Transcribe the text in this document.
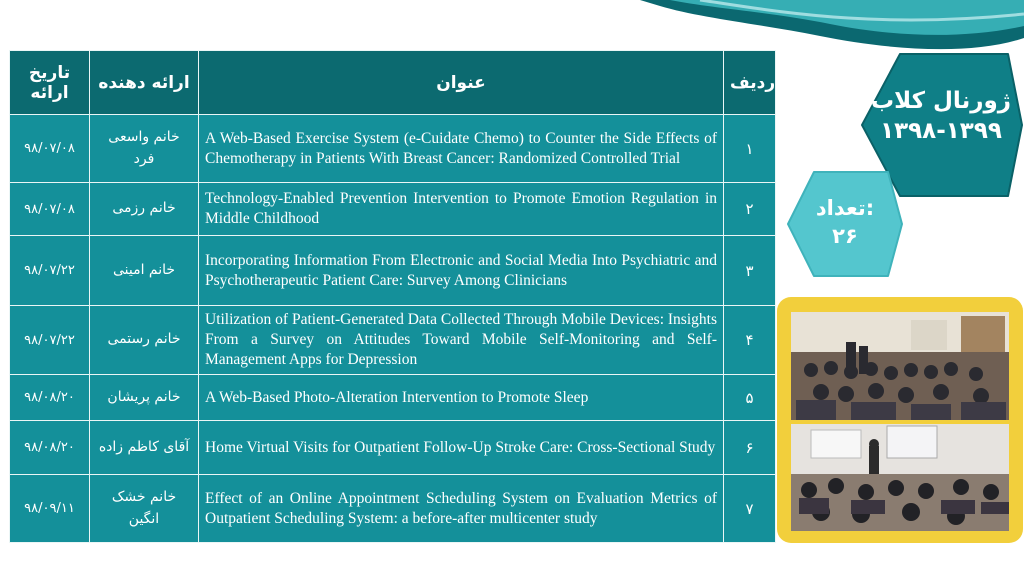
تاریخ ارائه	ارائه دهنده	عنوان	ردیف
۹۸/۰۷/۰۸	خانم واسعی فرد	A Web-Based Exercise System (e-Cuidate Chemo) to Counter the Side Effects of Chemotherapy in Patients With Breast Cancer: Randomized Controlled Trial	۱
۹۸/۰۷/۰۸	خانم رزمی	Technology-Enabled Prevention Intervention to Promote Emotion Regulation in Middle Childhood	۲
۹۸/۰۷/۲۲	خانم امینی	Incorporating Information From Electronic and Social Media Into Psychiatric and Psychotherapeutic Patient Care: Survey Among Clinicians	۳
۹۸/۰۷/۲۲	خانم رستمی	Utilization of Patient-Generated Data Collected Through Mobile Devices: Insights From a Survey on Attitudes Toward Mobile Self-Monitoring and Self-Management Apps for Depression	۴
۹۸/۰۸/۲۰	خانم پریشان	A Web-Based Photo-Alteration Intervention to Promote Sleep	۵
۹۸/۰۸/۲۰	آقای کاظم زاده	Home Virtual Visits for Outpatient Follow-Up Stroke Care: Cross-Sectional Study	۶
۹۸/۰۹/۱۱	خانم خشک انگین	Effect of an Online Appointment Scheduling System on Evaluation Metrics of Outpatient Scheduling System: a before-after multicenter study	۷
ژورنال کلاب
۱۳۹۸-۱۳۹۹
تعداد:
۲۶
